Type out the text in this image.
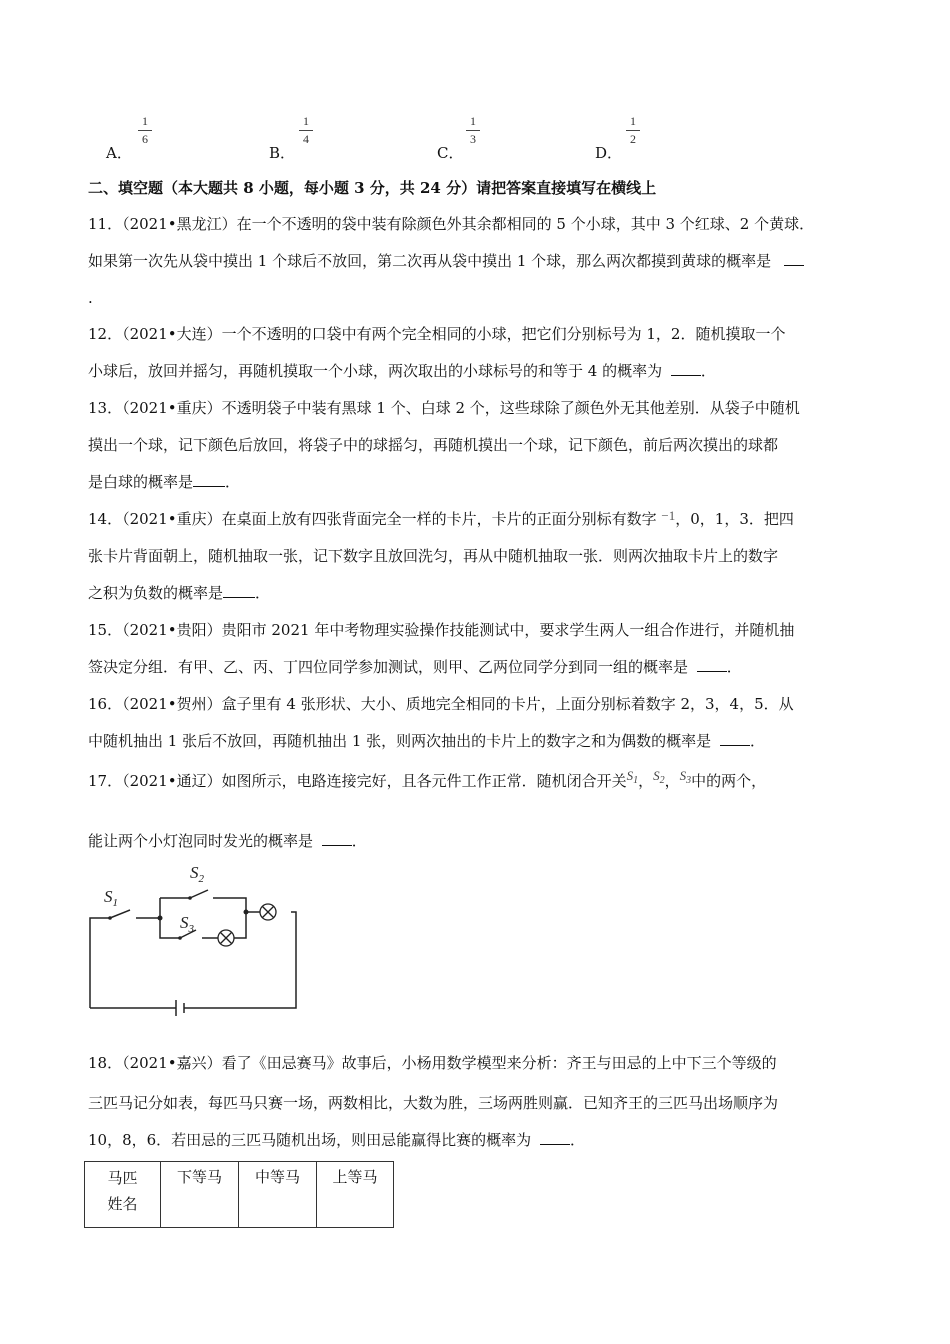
A．
1
6
B．
1
4
C．
1
3
D．
1
2
二、填空题（本大题共 8 小题，每小题 3 分，共 24 分）请把答案直接填写在横线上
11．（2021•黑龙江）在一个不透明的袋中装有除颜色外其余都相同的 5 个小球，其中 3 个红球、2 个黄球．
如果第一次先从袋中摸出 1 个球后不放回，第二次再从袋中摸出 1 个球，那么两次都摸到黄球的概率是
.
12．（2021•大连）一个不透明的口袋中有两个完全相同的小球，把它们分别标号为 1，2．随机摸取一个
小球后，放回并摇匀，再随机摸取一个小球，两次取出的小球标号的和等于 4 的概率为	．
13．（2021•重庆）不透明袋子中装有黑球 1 个、白球 2 个，这些球除了颜色外无其他差别．从袋子中随机
摸出一个球，记下颜色后放回，将袋子中的球摇匀，再随机摸出一个球，记下颜色，前后两次摸出的球都
是白球的概率是 ．
14．（2021•重庆）在桌面上放有四张背面完全一样的卡片，卡片的正面分别标有数字 −1，0，1，3．把四
张卡片背面朝上，随机抽取一张，记下数字且放回洗匀，再从中随机抽取一张．则两次抽取卡片上的数字
之积为负数的概率是 ．
15．（2021•贵阳）贵阳市 2021 年中考物理实验操作技能测试中，要求学生两人一组合作进行，并随机抽
签决定分组．有甲、乙、丙、丁四位同学参加测试，则甲、乙两位同学分到同一组的概率是	．
16．（2021•贺州）盒子里有 4 张形状、大小、质地完全相同的卡片，上面分别标着数字 2，3，4，5．从
中随机抽出 1 张后不放回，再随机抽出 1 张，则两次抽出的卡片上的数字之和为偶数的概率是	．
17．（2021•通辽）如图所示，电路连接完好，且各元件工作正常．随机闭合开关$S_1$，$S_2$，$S_3$中的两个，
能让两个小灯泡同时发光的概率是	．
$S_1$
$S_2$
$S_3$
18．（2021•嘉兴）看了《田忌赛马》故事后，小杨用数学模型来分析：齐王与田忌的上中下三个等级的
三匹马记分如表，每匹马只赛一场，两数相比，大数为胜，三场两胜则赢．已知齐王的三匹马出场顺序为
10，8，6．若田忌的三匹马随机出场，则田忌能赢得比赛的概率为	．
马匹
姓名
	下等马	中等马	上等马
